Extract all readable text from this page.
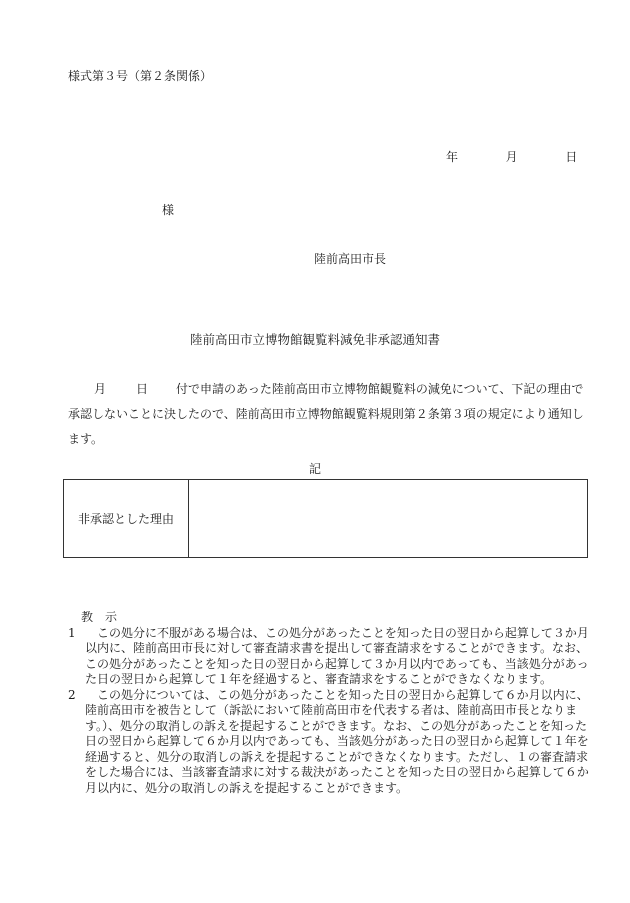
様式第３号（第２条関係）
年	月	日
様
陸前高田市長
陸前高田市立博物館観覧料減免非承認通知書

月	日 付で申請のあった陸前高田市立博物館観覧料の減免について、下記の理由で承認しないことに決したので、陸前高田市立博物館観覧料規則第２条第３項の規定により通知します。

記
非承認とした理由
教　示
1	この処分に不服がある場合は、この処分があったことを知った日の翌日から起算して３か月以内に、陸前高田市長に対して審査請求書を提出して審査請求をすることができます。なお、この処分があったことを知った日の翌日から起算して３か月以内であっても、当該処分があった日の翌日から起算して１年を経過すると、審査請求をすることができなくなります。
2	この処分については、この処分があったことを知った日の翌日から起算して６か月以内に、陸前高田市を被告として（訴訟において陸前高田市を代表する者は、陸前高田市長となります。）、処分の取消しの訴えを提起することができます。なお、この処分があったことを知った日の翌日から起算して６か月以内であっても、当該処分があった日の翌日から起算して１年を経過すると、処分の取消しの訴えを提起することができなくなります。ただし、１の審査請求をした場合には、当該審査請求に対する裁決があったことを知った日の翌日から起算して６か月以内に、処分の取消しの訴えを提起することができます。
